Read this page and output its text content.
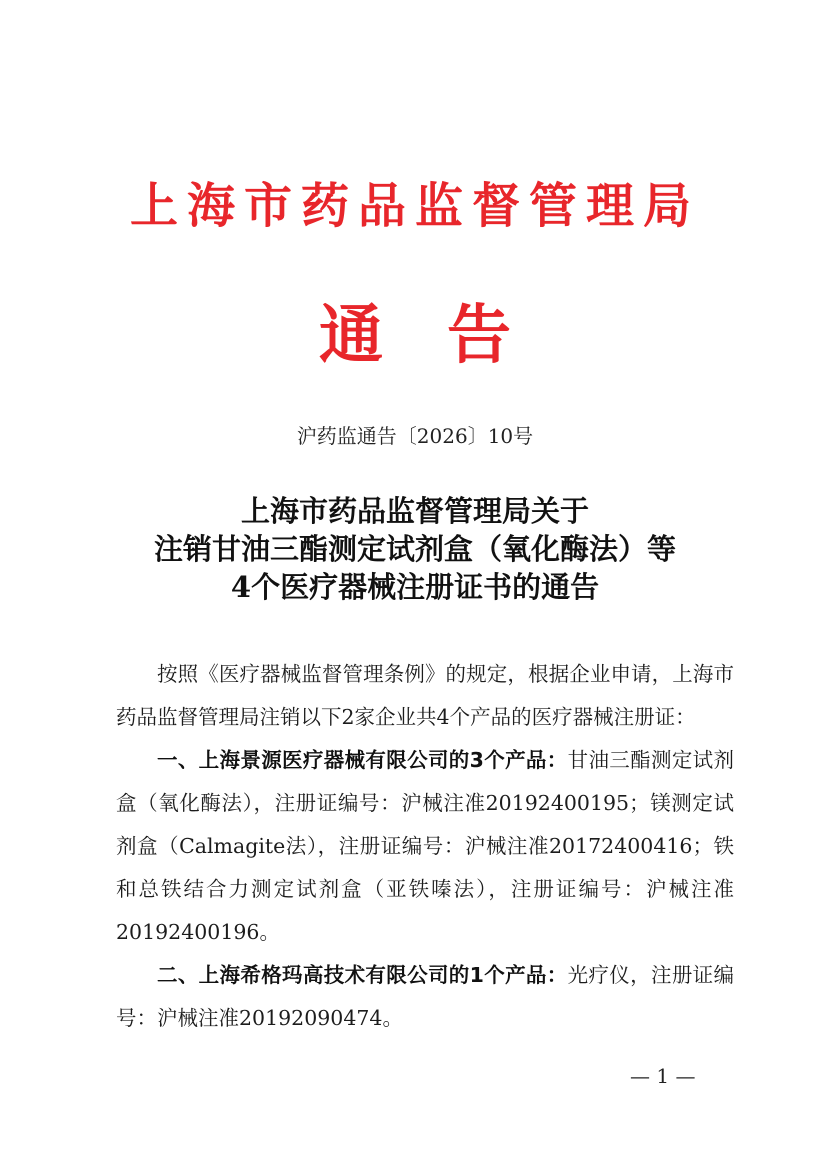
上海市药品监督管理局
通告
沪药监通告〔2026〕10号
上海市药品监督管理局关于
注销甘油三酯测定试剂盒（氧化酶法）等
4个医疗器械注册证书的通告

按照《医疗器械监督管理条例》的规定，根据企业申请，上海市药品监督管理局注销以下2家企业共4个产品的医疗器械注册证：

一、上海景源医疗器械有限公司的3个产品：甘油三酯测定试剂盒（氧化酶法），注册证编号：沪械注准20192400195；镁测定试剂盒（Calmagite法），注册证编号：沪械注准20172400416；铁和总铁结合力测定试剂盒（亚铁嗪法），注册证编号：沪械注准20192400196。

二、上海希格玛高技术有限公司的1个产品：光疗仪，注册证编号：沪械注准20192090474。

— 1 —
